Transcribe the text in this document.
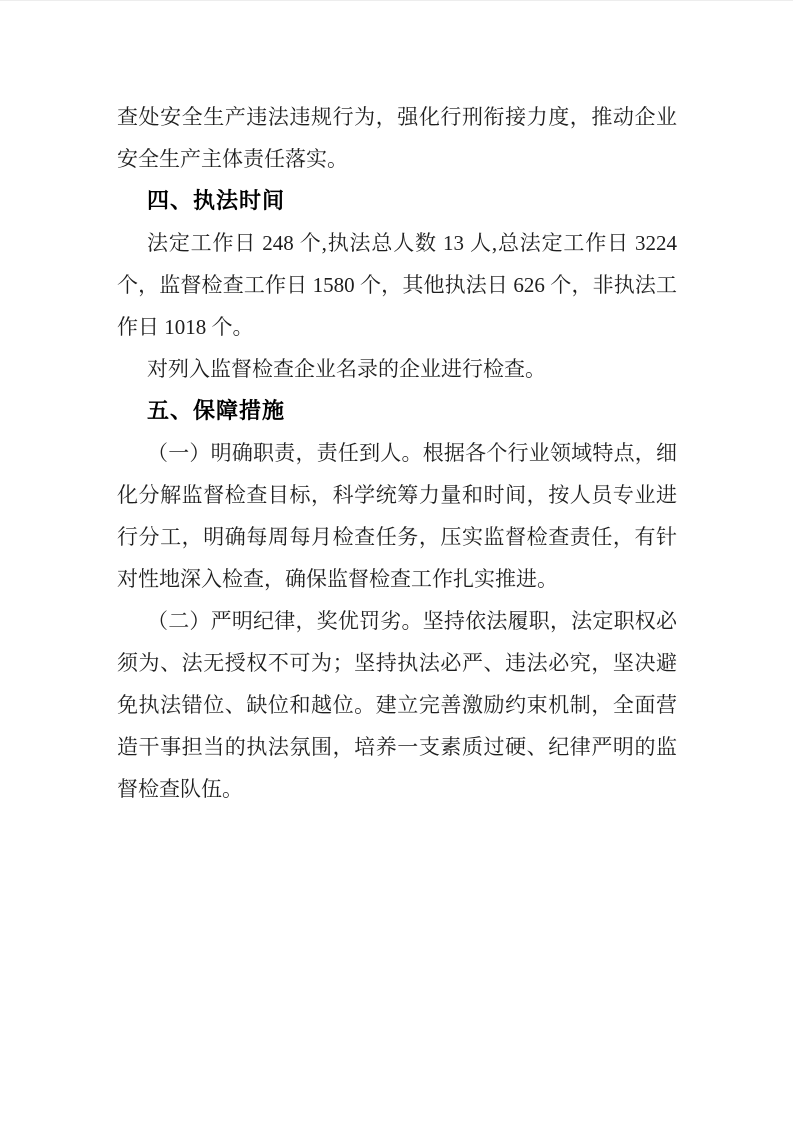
查处安全生产违法违规行为，强化行刑衔接力度，推动企业安全生产主体责任落实。

四、执法时间

法定工作日 248 个,执法总人数 13 人,总法定工作日 3224 个，监督检查工作日 1580 个，其他执法日 626 个，非执法工作日 1018 个。

对列入监督检查企业名录的企业进行检查。

五、保障措施

（一）明确职责，责任到人。根据各个行业领域特点，细化分解监督检查目标，科学统筹力量和时间，按人员专业进行分工，明确每周每月检查任务，压实监督检查责任，有针对性地深入检查，确保监督检查工作扎实推进。

（二）严明纪律，奖优罚劣。坚持依法履职，法定职权必须为、法无授权不可为；坚持执法必严、违法必究，坚决避免执法错位、缺位和越位。建立完善激励约束机制，全面营造干事担当的执法氛围，培养一支素质过硬、纪律严明的监督检查队伍。
